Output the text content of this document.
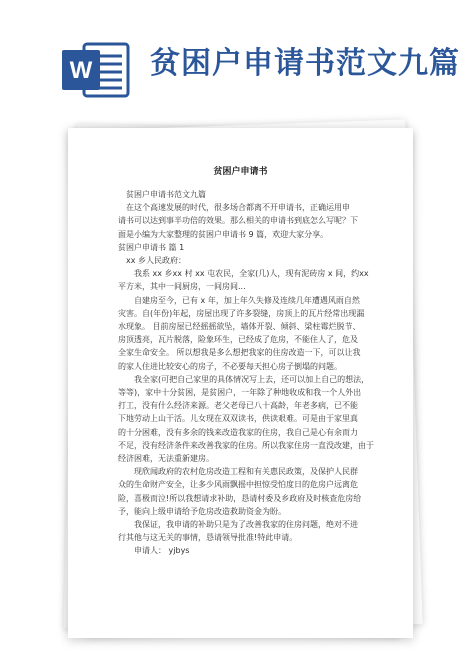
W 贫困户申请书范文九篇
贫困户申请书

贫困户申请书范文九篇

在这个高速发展的时代，很多场合都离不开申请书，正确运用申

请书可以达到事半功倍的效果。那么相关的申请书到底怎么写呢？下

面是小编为大家整理的贫困户申请书 9 篇，欢迎大家分享。

贫困户申请书 篇 1

xx 乡人民政府：

我系 xx 乡xx 村 xx 屯农民，全家(几)人，现有泥砖房 x 间，约xx

平方米，其中一间厨房，一间房间...

自建房至今，已有 x 年，加上年久失修及连续几年遭遇风雨自然

灾害。自(年份)年起，房屋出现了许多裂缝，房顶上的瓦片经常出现漏

水现象。 目前房屋已经摇摇欲坠，墙体开裂、倾斜、梁柱霉烂脱节、

房顶透亮，瓦片脱落，险象环生，已经成了危房，不能住人了，危及

全家生命安全。 所以想我是多么想把我家的住房改造一下，可以让我

的家人住进比较安心的房子，不必要每天担心房子倒塌的问题。

我全家(可把自己家里的具体情况写上去，还可以加上自己的想法，

等等)，家中十分贫困，是贫困户，一年除了种地收成和我一个人外出

打工，没有什么经济来源。老父老母已八十高龄，年老多病，已不能

下地劳动上山干活。儿女现在双双读书，供读艰难。可是由于家里真

的十分困难，没有多余的钱来改造我家的住房，我自己是心有余而力

不足，没有经济条件来改善我家的住房。所以我家住房一直没改建，由于

经济困难，无法重新建房。

现欣闻政府的农村危房改造工程和有关惠民政策，及保护人民群

众的生命财产安全，让多少风雨飘摇中担惊受怕度日的危房户远离危

险，喜极而泣!所以我想请求补助，恳请村委及乡政府及时核查危房给

予，能向上级申请给予危房改造救助资金为盼。

我保证，我申请的补助只是为了改善我家的住房问题，绝对不进

行其他与这无关的事情，恳请领导批准!特此申请。

申请人： yjbys
